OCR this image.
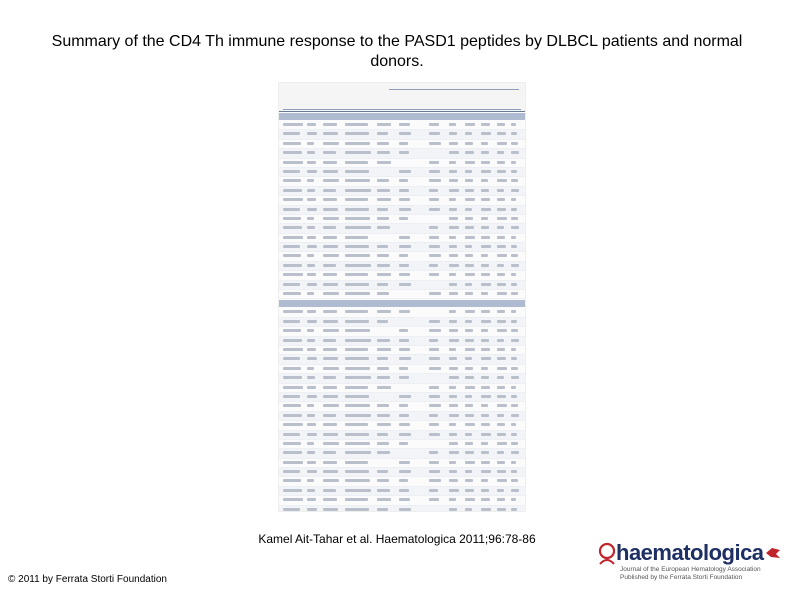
Summary of the CD4 Th immune response to the PASD1 peptides by DLBCL patients and normal donors.
Kamel Ait-Tahar et al. Haematologica 2011;96:78-86
© 2011 by Ferrata Storti Foundation
haematologica
Journal of the European Hematology Association
Published by the Ferrata Storti Foundation
